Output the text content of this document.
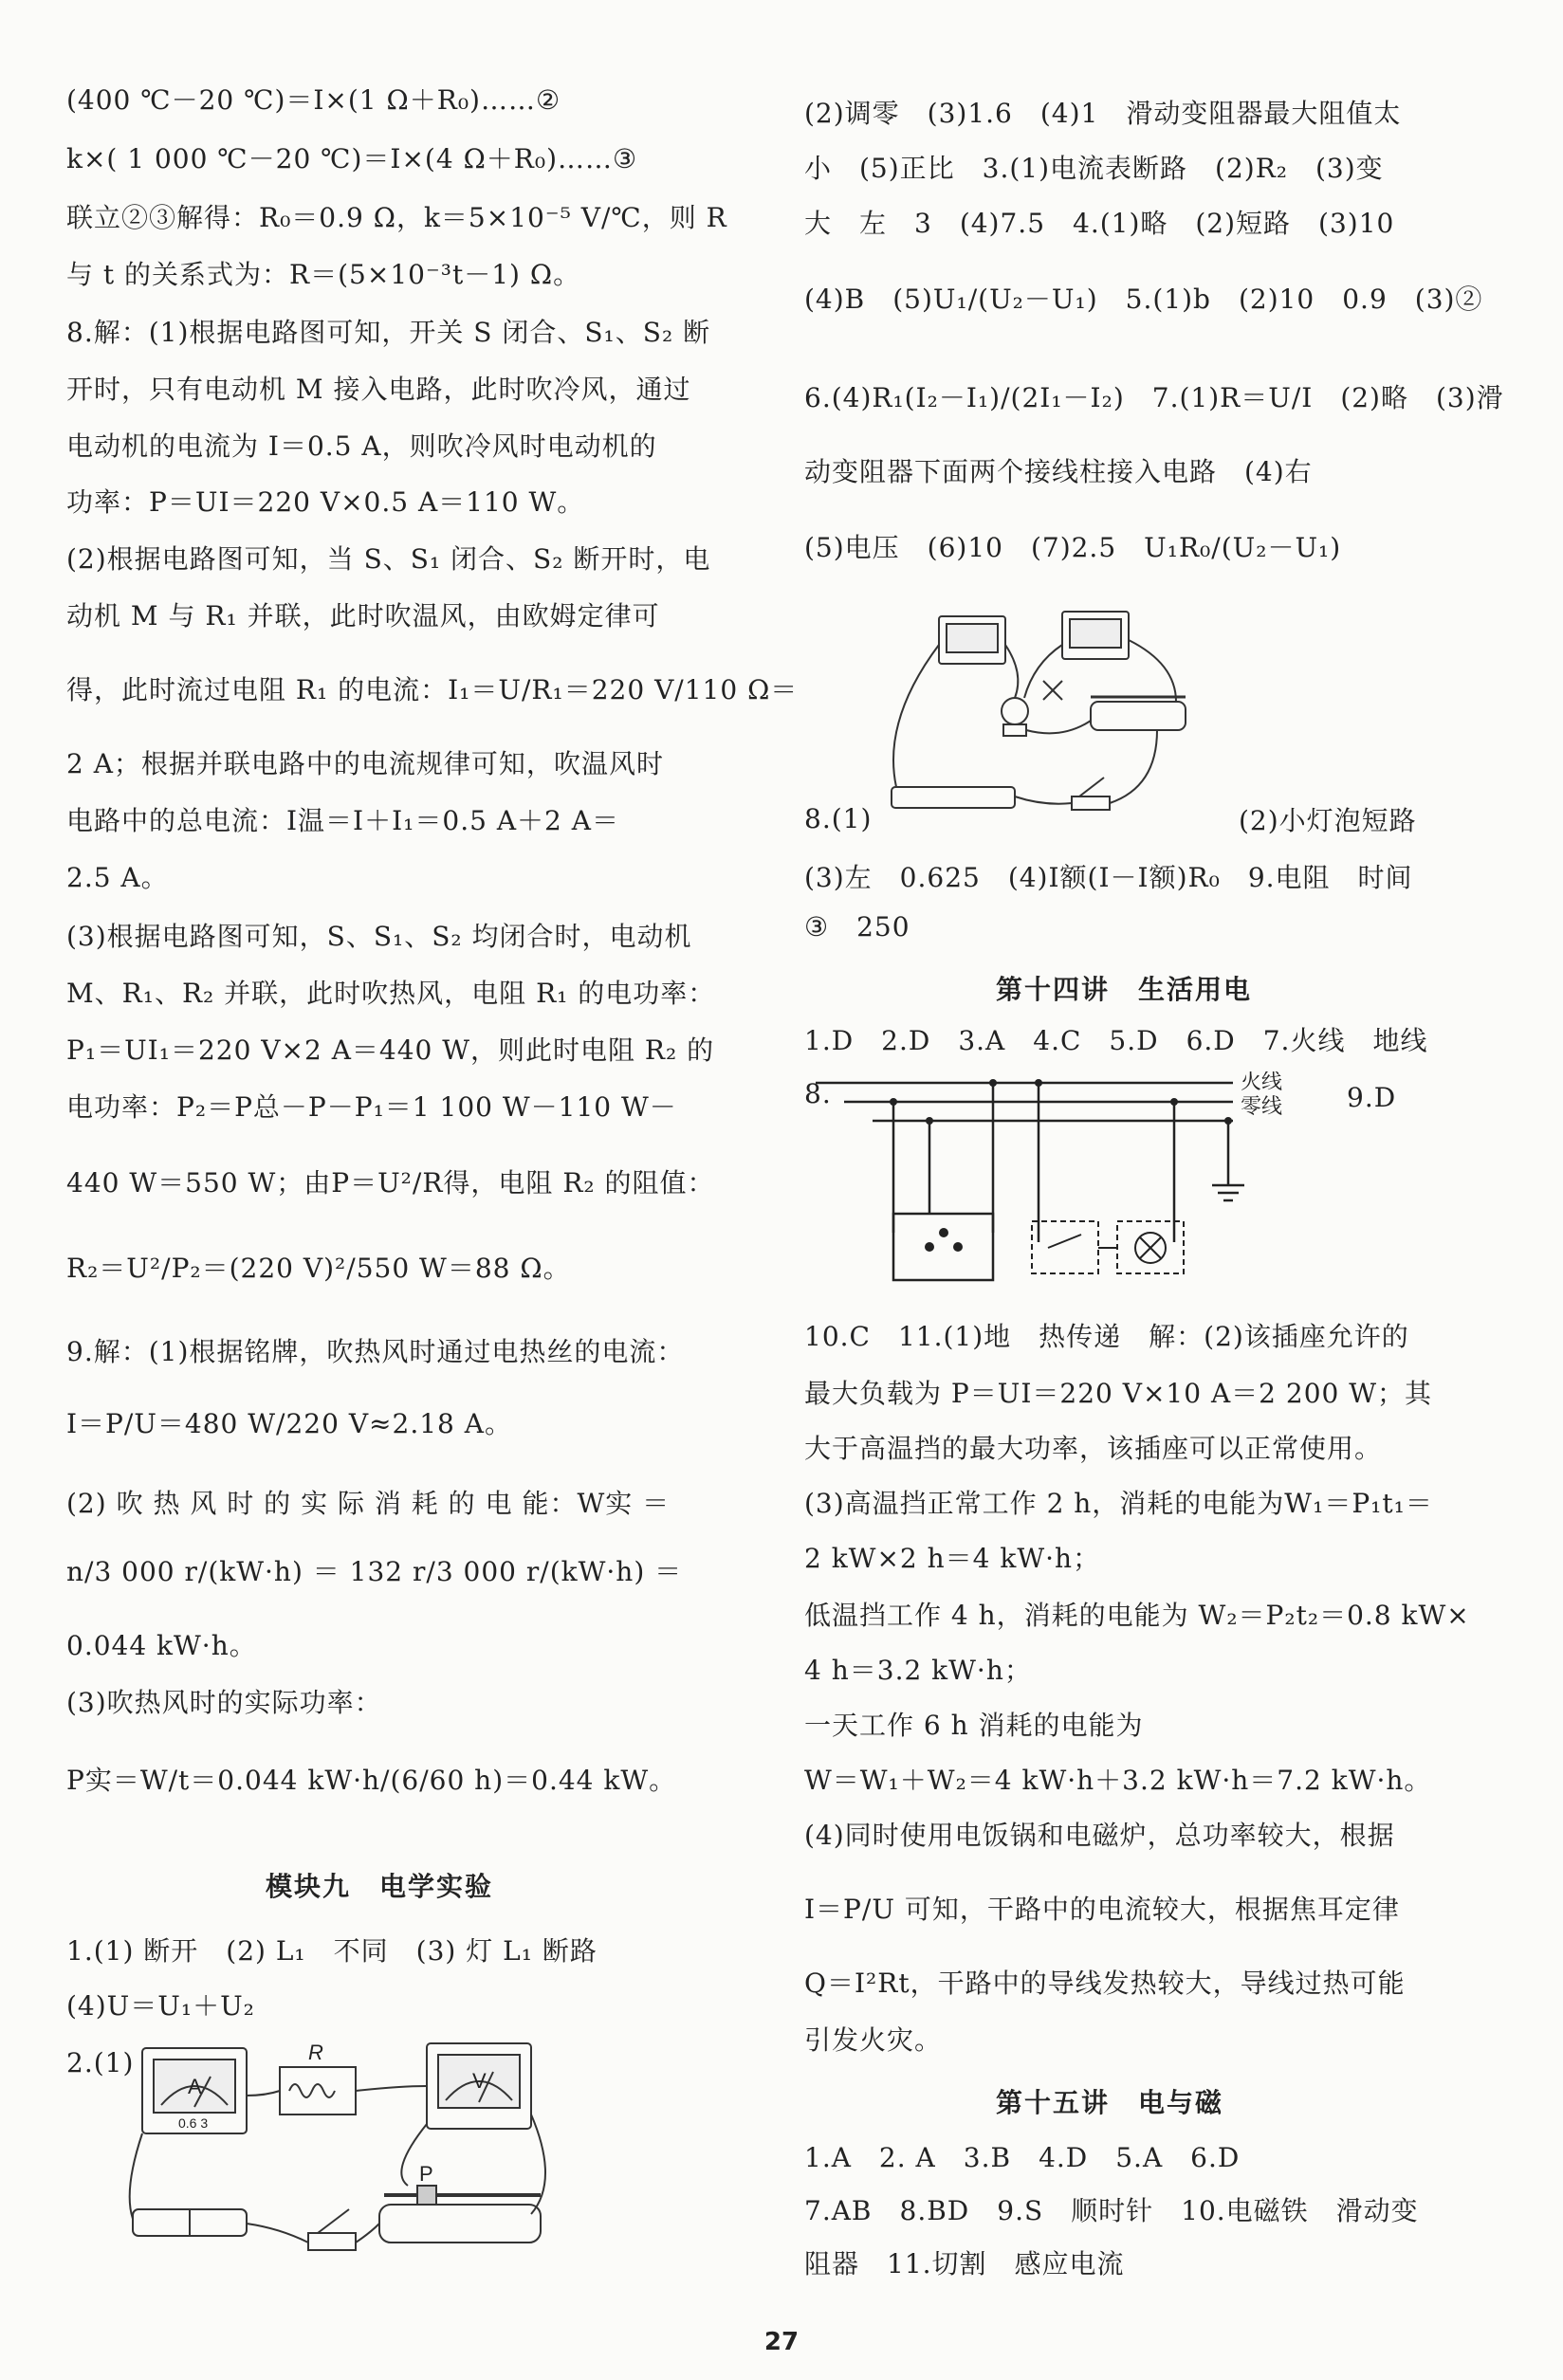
(400 ℃－20 ℃)＝I×(1 Ω＋R₀)……②
k×( 1 000 ℃－20 ℃)＝I×(4 Ω＋R₀)……③
联立②③解得：R₀＝0.9 Ω，k＝5×10⁻⁵ V/℃，则 R
与 t 的关系式为：R＝(5×10⁻³t－1) Ω。
8.解：(1)根据电路图可知，开关 S 闭合、S₁、S₂ 断
开时，只有电动机 M 接入电路，此时吹冷风，通过
电动机的电流为 I＝0.5 A，则吹冷风时电动机的
功率：P＝UI＝220 V×0.5 A＝110 W。
(2)根据电路图可知，当 S、S₁ 闭合、S₂ 断开时，电
动机 M 与 R₁ 并联，此时吹温风，由欧姆定律可
得，此时流过电阻 R₁ 的电流：I₁＝U/R₁＝220 V/110 Ω＝
2 A；根据并联电路中的电流规律可知，吹温风时
电路中的总电流：I温＝I＋I₁＝0.5 A＋2 A＝
2.5 A。
(3)根据电路图可知，S、S₁、S₂ 均闭合时，电动机
M、R₁、R₂ 并联，此时吹热风，电阻 R₁ 的电功率：
P₁＝UI₁＝220 V×2 A＝440 W，则此时电阻 R₂ 的
电功率：P₂＝P总－P－P₁＝1 100 W－110 W－
440 W＝550 W；由P＝U²/R得，电阻 R₂ 的阻值：
R₂＝U²/P₂＝(220 V)²/550 W＝88 Ω。
9.解：(1)根据铭牌，吹热风时通过电热丝的电流：
I＝P/U＝480 W/220 V≈2.18 A。
(2) 吹 热 风 时 的 实 际 消 耗 的 电 能：W实 ＝
n/3 000 r/(kW·h) ＝ 132 r/3 000 r/(kW·h) ＝
0.044 kW·h。
(3)吹热风时的实际功率：
P实＝W/t＝0.044 kW·h/(6/60 h)＝0.44 kW。
模块九　电学实验
1.(1) 断开　(2) L₁　不同　(3) 灯 L₁ 断路
(4)U＝U₁＋U₂
2.(1)
A
0.6 3
V
R
P
(2)调零　(3)1.6　(4)1　滑动变阻器最大阻值太
小　(5)正比　3.(1)电流表断路　(2)R₂　(3)变
大　左　3　(4)7.5　4.(1)略　(2)短路　(3)10
(4)B　(5)U₁/(U₂－U₁)　5.(1)b　(2)10　0.9　(3)②
6.(4)R₁(I₂－I₁)/(2I₁－I₂)　7.(1)R＝U/I　(2)略　(3)滑
动变阻器下面两个接线柱接入电路　(4)右
(5)电压　(6)10　(7)2.5　U₁R₀/(U₂－U₁)
8.(1)	(2)小灯泡短路
(3)左　0.625　(4)I额(I－I额)R₀　9.电阻　时间
③　250
1.D　2.D　3.A　4.C　5.D　6.D　7.火线　地线
8.	9.D
10.C　11.(1)地　热传递　解：(2)该插座允许的
最大负载为 P＝UI＝220 V×10 A＝2 200 W；其
大于高温挡的最大功率，该插座可以正常使用。
(3)高温挡正常工作 2 h，消耗的电能为W₁＝P₁t₁＝
2 kW×2 h＝4 kW·h；
低温挡工作 4 h，消耗的电能为 W₂＝P₂t₂＝0.8 kW×
4 h＝3.2 kW·h；
一天工作 6 h 消耗的电能为
W＝W₁＋W₂＝4 kW·h＋3.2 kW·h＝7.2 kW·h。
(4)同时使用电饭锅和电磁炉，总功率较大，根据
I＝P/U 可知，干路中的电流较大，根据焦耳定律
Q＝I²Rt，干路中的导线发热较大，导线过热可能
引发火灾。
1.A　2. A　3.B　4.D　5.A　6.D
7.AB　8.BD　9.S　顺时针　10.电磁铁　滑动变
阻器　11.切割　感应电流
第十四讲　生活用电
第十五讲　电与磁
火线
零线
27
